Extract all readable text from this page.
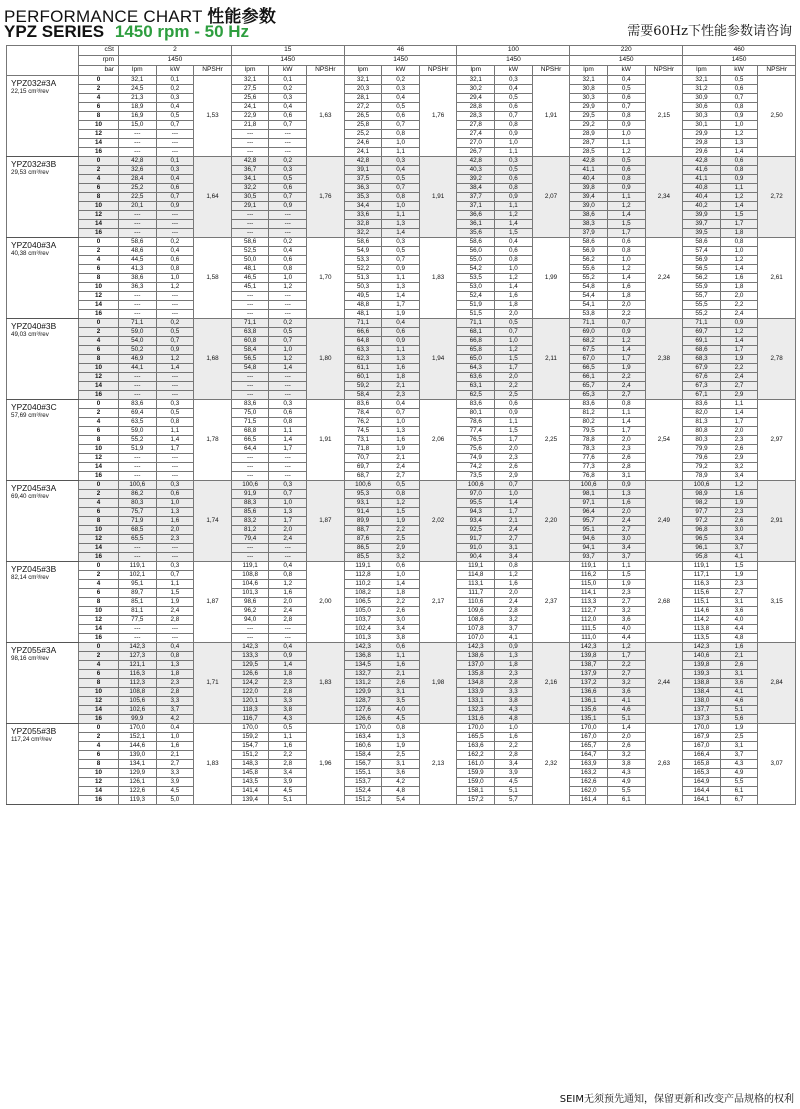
PERFORMANCE CHART 性能参数
YPZ SERIES 1450 rpm - 50 Hz	需要60Hz下性能参数请咨询
	cSt	2			15			46			100			220			460		
	rpm	1450			1450			1450			1450			1450			1450		
	bar	lpm	kW	NPSHr	lpm	kW	NPSHr	lpm	kW	NPSHr	lpm	kW	NPSHr	lpm	kW	NPSHr	lpm	kW	NPSHr

YPZ032#3A
22,15 cm³/rev	0	32,1	0,1	1,53	32,1	0,1	1,63	32,1	0,2	1,76	32,1	0,3	1,91	32,1	0,4	2,15	32,1	0,5	2,50
	2	24,5	0,2		27,5	0,2		20,3	0,3		30,2	0,4		30,8	0,5		31,2	0,6	
	4	21,3	0,3		25,6	0,3		28,1	0,4		29,4	0,5		30,3	0,6		30,9	0,7	
	6	18,9	0,4		24,1	0,4		27,2	0,5		28,8	0,6		29,9	0,7		30,6	0,8	
	8	16,9	0,5		22,9	0,6		26,5	0,6		28,3	0,7		29,5	0,8		30,3	0,9	
	10	15,0	0,7		21,8	0,7		25,8	0,7		27,8	0,8		29,2	0,9		30,1	1,0	
	12	---	---		---	---		25,2	0,8		27,4	0,9		28,9	1,0		29,9	1,2	
	14	---	---		---	---		24,6	1,0		27,0	1,0		28,7	1,1		29,8	1,3	
	16	---	---		---	---		24,1	1,1		26,7	1,1		28,5	1,2		29,6	1,4	

YPZ032#3B
29,53 cm³/rev	0	42,8	0,1	1,64	42,8	0,2	1,76	42,8	0,3	1,91	42,8	0,3	2,07	42,8	0,5	2,34	42,8	0,6	2,72
	2	32,6	0,3		36,7	0,3		39,1	0,4		40,3	0,5		41,1	0,6		41,6	0,8	
	4	28,4	0,4		34,1	0,5		37,5	0,5		39,2	0,6		40,4	0,8		41,1	0,9	
	6	25,2	0,6		32,2	0,6		36,3	0,7		38,4	0,8		39,8	0,9		40,8	1,1	
	8	22,5	0,7		30,5	0,7		35,3	0,8		37,7	0,9		39,4	1,1		40,4	1,2	
	10	20,1	0,9		29,1	0,9		34,4	1,0		37,1	1,1		39,0	1,2		40,2	1,4	
	12	---	---		---	---		33,6	1,1		36,6	1,2		38,6	1,4		39,9	1,5	
	14	---	---		---	---		32,8	1,3		36,1	1,4		38,3	1,5		39,7	1,7	
	16	---	---		---	---		32,2	1,4		35,6	1,5		37,9	1,7		39,5	1,8	

YPZ040#3A
40,38 cm³/rev	0	58,6	0,2	1,58	58,6	0,2	1,70	58,6	0,3	1,83	58,6	0,4	1,99	58,6	0,6	2,24	58,6	0,8	2,61
	2	48,6	0,4		52,5	0,4		54,9	0,5		56,0	0,6		56,9	0,8		57,4	1,0	
	4	44,5	0,6		50,0	0,6		53,3	0,7		55,0	0,8		56,2	1,0		56,9	1,2	
	6	41,3	0,8		48,1	0,8		52,2	0,9		54,2	1,0		55,6	1,2		56,5	1,4	
	8	38,6	1,0		46,5	1,0		51,3	1,1		53,5	1,2		55,2	1,4		56,2	1,6	
	10	36,3	1,2		45,1	1,2		50,3	1,3		53,0	1,4		54,8	1,6		55,9	1,8	
	12	---	---		---	---		49,5	1,4		52,4	1,6		54,4	1,8		55,7	2,0	
	14	---	---		---	---		48,8	1,7		51,9	1,8		54,1	2,0		55,5	2,2	
	16	---	---		---	---		48,1	1,9		51,5	2,0		53,8	2,2		55,2	2,4	

YPZ040#3B
49,03 cm³/rev	0	71,1	0,2	1,68	71,1	0,2	1,80	71,1	0,4	1,94	71,1	0,5	2,11	71,1	0,7	2,38	71,1	0,9	2,78
	2	59,0	0,5		63,8	0,5		66,6	0,6		68,1	0,7		69,0	0,9		69,7	1,2	
	4	54,0	0,7		60,8	0,7		64,8	0,9		66,8	1,0		68,2	1,2		69,1	1,4	
	6	50,2	0,9		58,4	1,0		63,3	1,1		65,8	1,2		67,5	1,4		68,6	1,7	
	8	46,9	1,2		56,5	1,2		62,3	1,3		65,0	1,5		67,0	1,7		68,3	1,9	
	10	44,1	1,4		54,8	1,4		61,1	1,6		64,3	1,7		66,5	1,9		67,9	2,2	
	12	---	---		---	---		60,1	1,8		63,6	2,0		66,1	2,2		67,6	2,4	
	14	---	---		---	---		59,2	2,1		63,1	2,2		65,7	2,4		67,3	2,7	
	16	---	---		---	---		58,4	2,3		62,5	2,5		65,3	2,7		67,1	2,9	

YPZ040#3C
57,69 cm³/rev	0	83,6	0,3	1,78	83,6	0,3	1,91	83,6	0,4	2,06	83,6	0,6	2,25	83,6	0,8	2,54	83,6	1,1	2,97
	2	69,4	0,5		75,0	0,6		78,4	0,7		80,1	0,9		81,2	1,1		82,0	1,4	
	4	63,5	0,8		71,5	0,8		76,2	1,0		78,6	1,1		80,2	1,4		81,3	1,7	
	6	59,0	1,1		68,8	1,1		74,5	1,3		77,4	1,5		79,5	1,7		80,8	2,0	
	8	55,2	1,4		66,5	1,4		73,1	1,6		76,5	1,7		78,8	2,0		80,3	2,3	
	10	51,9	1,7		64,4	1,7		71,8	1,9		75,6	2,0		78,3	2,3		79,9	2,6	
	12	---	---		---	---		70,7	2,1		74,9	2,3		77,6	2,6		79,6	2,9	
	14	---	---		---	---		69,7	2,4		74,2	2,6		77,3	2,8		79,2	3,2	
	16	---	---		---	---		68,7	2,7		73,5	2,9		76,8	3,1		78,9	3,4	

YPZ045#3A
69,40 cm³/rev	0	100,6	0,3	1,74	100,6	0,3	1,87	100,6	0,5	2,02	100,6	0,7	2,20	100,6	0,9	2,49	100,6	1,2	2,91
	2	86,2	0,6		91,9	0,7		95,3	0,8		97,0	1,0		98,1	1,3		98,9	1,6	
	4	80,3	1,0		88,3	1,0		93,1	1,2		95,5	1,4		97,1	1,6		98,2	1,9	
	6	75,7	1,3		85,6	1,3		91,4	1,5		94,3	1,7		96,4	2,0		97,7	2,3	
	8	71,9	1,6		83,2	1,7		89,9	1,9		93,4	2,1		95,7	2,4		97,2	2,6	
	10	68,5	2,0		81,2	2,0		88,7	2,2		92,5	2,4		95,1	2,7		96,8	3,0	
	12	65,5	2,3		79,4	2,4		87,6	2,5		91,7	2,7		94,6	3,0		96,5	3,4	
	14	---	---		---	---		86,5	2,9		91,0	3,1		94,1	3,4		96,1	3,7	
	16	---	---		---	---		85,5	3,2		90,4	3,4		93,7	3,7		95,8	4,1	

YPZ045#3B
82,14 cm³/rev	0	119,1	0,3	1,87	119,1	0,4	2,00	119,1	0,6	2,17	119,1	0,8	2,37	119,1	1,1	2,68	119,1	1,5	3,15
	2	102,1	0,7		108,8	0,8		112,8	1,0		114,8	1,2		116,2	1,5		117,1	1,9	
	4	95,1	1,1		104,6	1,2		110,2	1,4		113,1	1,6		115,0	1,9		116,3	2,3	
	6	89,7	1,5		101,3	1,6		108,2	1,8		111,7	2,0		114,1	2,3		115,6	2,7	
	8	85,1	1,9		98,6	2,0		106,5	2,2		110,6	2,4		113,3	2,7		115,1	3,1	
	10	81,1	2,4		96,2	2,4		105,0	2,6		109,6	2,8		112,7	3,2		114,6	3,6	
	12	77,5	2,8		94,0	2,8		103,7	3,0		108,6	3,2		112,0	3,6		114,2	4,0	
	14	---	---		---	---		102,4	3,4		107,8	3,7		111,5	4,0		113,8	4,4	
	16	---	---		---	---		101,3	3,8		107,0	4,1		111,0	4,4		113,5	4,8	

YPZ055#3A
98,16 cm³/rev	0	142,3	0,4	1,71	142,3	0,4	1,83	142,3	0,6	1,98	142,3	0,9	2,16	142,3	1,2	2,44	142,3	1,6	2,84
	2	127,3	0,8		133,3	0,9		136,8	1,1		138,6	1,3		139,8	1,7		140,6	2,1	
	4	121,1	1,3		129,5	1,4		134,5	1,6		137,0	1,8		138,7	2,2		139,8	2,6	
	6	116,3	1,8		126,6	1,8		132,7	2,1		135,8	2,3		137,9	2,7		139,3	3,1	
	8	112,3	2,3		124,2	2,3		131,2	2,6		134,8	2,8		137,2	3,2		138,8	3,6	
	10	108,8	2,8		122,0	2,8		129,9	3,1		133,9	3,3		136,6	3,6		138,4	4,1	
	12	105,6	3,3		120,1	3,3		128,7	3,5		133,1	3,8		136,1	4,1		138,0	4,6	
	14	102,6	3,7		118,3	3,8		127,6	4,0		132,3	4,3		135,6	4,6		137,7	5,1	
	16	99,9	4,2		116,7	4,3		126,6	4,5		131,6	4,8		135,1	5,1		137,3	5,6	

YPZ055#3B
117,24 cm³/rev	0	170,0	0,4	1,83	170,0	0,5	1,96	170,0	0,8	2,13	170,0	1,0	2,32	170,0	1,4	2,63	170,0	1,9	3,07
	2	152,1	1,0		159,2	1,1		163,4	1,3		165,5	1,6		167,0	2,0		167,9	2,5	
	4	144,6	1,6		154,7	1,6		160,6	1,9		163,6	2,2		165,7	2,6		167,0	3,1	
	6	139,0	2,1		151,2	2,2		158,4	2,5		162,2	2,8		164,7	3,2		166,4	3,7	
	8	134,1	2,7		148,3	2,8		156,7	3,1		161,0	3,4		163,9	3,8		165,8	4,3	
	10	129,9	3,3		145,8	3,4		155,1	3,6		159,9	3,9		163,2	4,3		165,3	4,9	
	12	126,1	3,9		143,5	3,9		153,7	4,2		159,0	4,5		162,6	4,9		164,9	5,5	
	14	122,6	4,5		141,4	4,5		152,4	4,8		158,1	5,1		162,0	5,5		164,4	6,1	
	16	119,3	5,0		139,4	5,1		151,2	5,4		157,2	5,7		161,4	6,1		164,1	6,7	
SEIM无须预先通知，保留更新和改变产品规格的权利
